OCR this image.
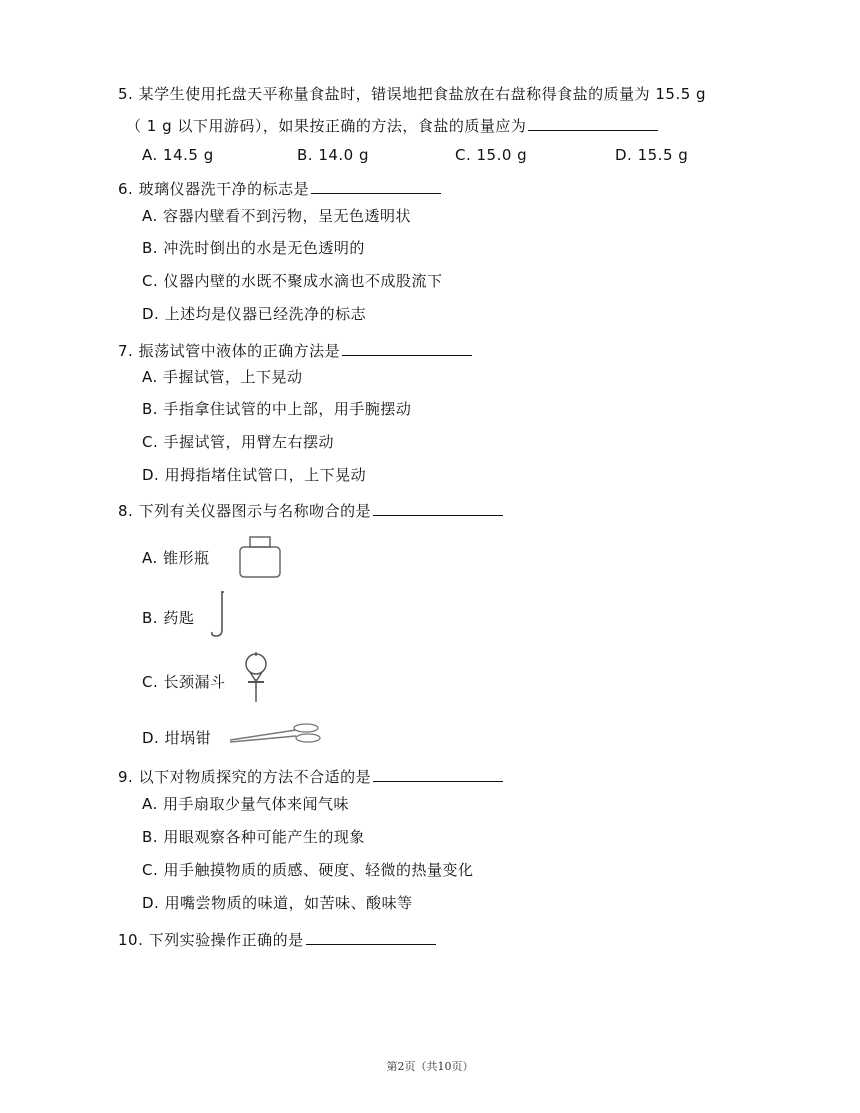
5. 某学生使用托盘天平称量食盐时，错误地把食盐放在右盘称得食盐的质量为 15.5 g
（ 1 g 以下用游码），如果按正确的方法，食盐的质量应为
A. 14.5 g	B. 14.0 g	C. 15.0 g	D. 15.5 g
6. 玻璃仪器洗干净的标志是
A. 容器内壁看不到污物，呈无色透明状
B. 冲洗时倒出的水是无色透明的
C. 仪器内壁的水既不聚成水滴也不成股流下
D. 上述均是仪器已经洗净的标志
7. 振荡试管中液体的正确方法是
A. 手握试管，上下晃动
B. 手指拿住试管的中上部，用手腕摆动
C. 手握试管，用臂左右摆动
D. 用拇指堵住试管口，上下晃动
8. 下列有关仪器图示与名称吻合的是
A. 锥形瓶
B. 药匙
C. 长颈漏斗
D. 坩埚钳
9. 以下对物质探究的方法不合适的是
A. 用手扇取少量气体来闻气味
B. 用眼观察各种可能产生的现象
C. 用手触摸物质的质感、硬度、轻微的热量变化
D. 用嘴尝物质的味道，如苦味、酸味等
10. 下列实验操作正确的是
第2页（共10页）
